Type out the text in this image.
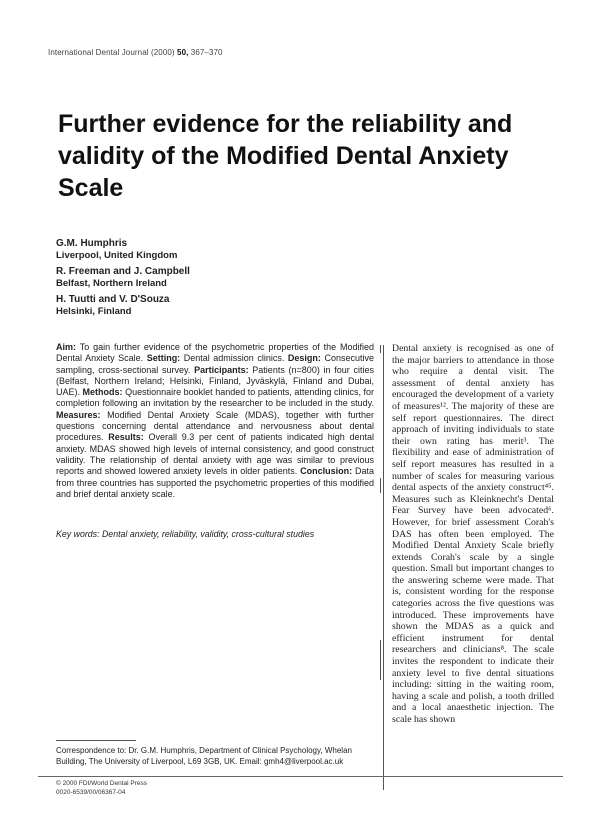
International Dental Journal (2000) 50, 367–370
Further evidence for the reliability and validity of the Modified Dental Anxiety Scale
G.M. Humphris
Liverpool, United Kingdom
R. Freeman and J. Campbell
Belfast, Northern Ireland
H. Tuutti and V. D'Souza
Helsinki, Finland
Aim: To gain further evidence of the psychometric properties of the Modified Dental Anxiety Scale. Setting: Dental admission clinics. Design: Consecutive sampling, cross-sectional survey. Participants: Patients (n=800) in four cities (Belfast, Northern Ireland; Helsinki, Finland, Jyväskylä, Finland and Dubai, UAE). Methods: Questionnaire booklet handed to patients, attending clinics, for completion following an invitation by the researcher to be included in the study. Measures: Modified Dental Anxiety Scale (MDAS), together with further questions concerning dental attendance and nervousness about dental procedures. Results: Overall 9.3 per cent of patients indicated high dental anxiety. MDAS showed high levels of internal consistency, and good construct validity. The relationship of dental anxiety with age was similar to previous reports and showed lowered anxiety levels in older patients. Conclusion: Data from three countries has supported the psychometric properties of this modified and brief dental anxiety scale.
Key words: Dental anxiety, reliability, validity, cross-cultural studies
Dental anxiety is recognised as one of the major barriers to attendance in those who require a dental visit. The assessment of dental anxiety has encouraged the development of a variety of measures¹². The majority of these are self report questionnaires. The direct approach of inviting individuals to state their own rating has merit³. The flexibility and ease of administration of self report measures has resulted in a number of scales for measuring various dental aspects of the anxiety construct⁴⁵. Measures such as Kleinknecht's Dental Fear Survey have been advocated⁶. However, for brief assessment Corah's DAS has often been employed. The Modified Dental Anxiety Scale briefly extends Corah's scale by a single question. Small but important changes to the answering scheme were made. That is, consistent wording for the response categories across the five questions was introduced. These improvements have shown the MDAS as a quick and efficient instrument for dental researchers and clinicians⁸. The scale invites the respondent to indicate their anxiety level to five dental situations including: sitting in the waiting room, having a scale and polish, a tooth drilled and a local anaesthetic injection. The scale has shown
Correspondence to: Dr. G.M. Humphris, Department of Clinical Psychology, Whelan Building, The University of Liverpool, L69 3GB, UK. Email: gmh4@liverpool.ac.uk
© 2000 FDI/World Dental Press
0020-6539/00/06367-04
